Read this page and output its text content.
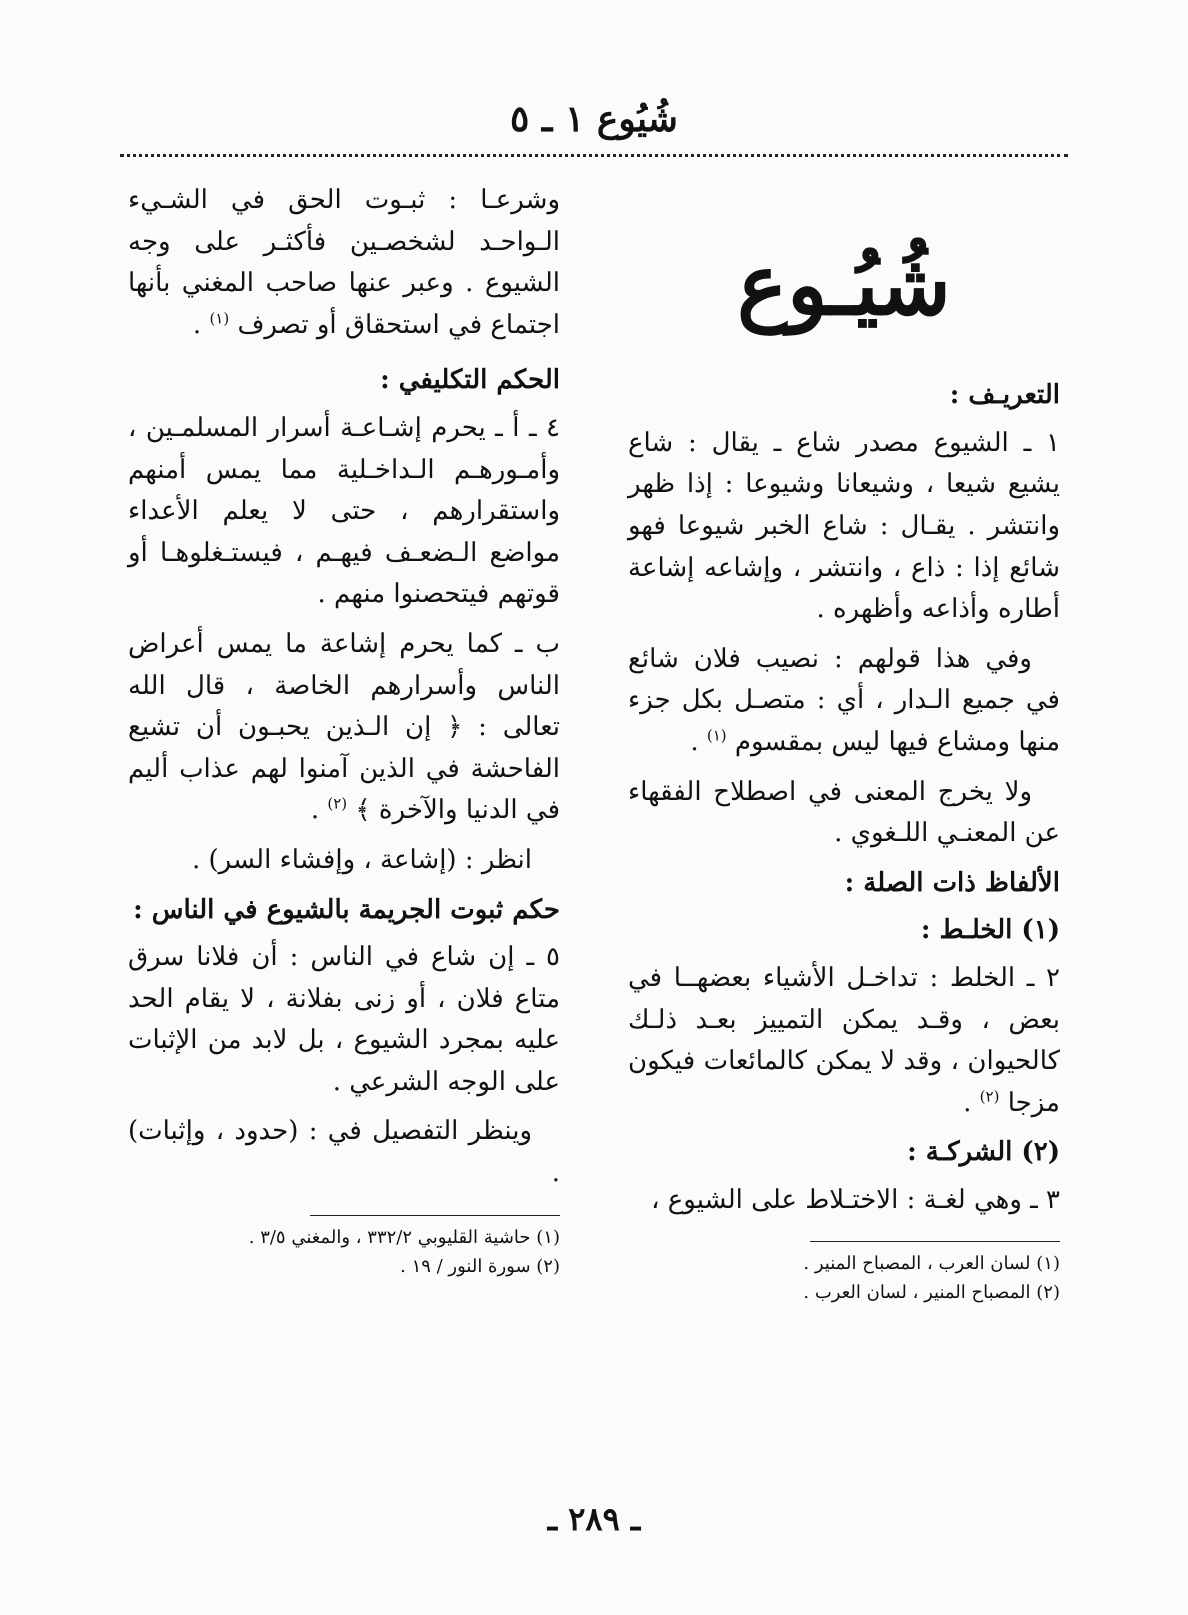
شُيُوع ١ ـ ٥
شُيُـوع

التعريـف :

١ ـ الشيوع مصدر شاع ـ يقال : شاع يشيع شيعا ، وشيعانا وشيوعا : إذا ظهر وانتشر . يقـال : شاع الخبر شيوعا فهو شائع إذا : ذاع ، وانتشر ، وإشاعه إشاعة أطاره وأذاعه وأظهره .

وفي هذا قولهم : نصيب فلان شائع في جميع الـدار ، أي : متصـل بكل جزء منها ومشاع فيها ليس بمقسوم $^{(١)}$ .

ولا يخرج المعنى في اصطلاح الفقهاء عن المعنـي اللـغوي .

الألفاظ ذات الصلة :

(١) الخلـط :

٢ ـ الخلط : تداخـل الأشياء بعضهــا في بعض ، وقـد يمكن التمييز بعـد ذلـك كالحيوان ، وقد لا يمكن كالمائعات فيكون مزجا $^{(٢)}$ .

(٢) الشركـة :

٣ ـ وهي لغـة : الاختـلاط على الشيوع ،

(١) لسان العرب ، المصباح المنير .

(٢) المصباح المنير ، لسان العرب .

وشرعـا : ثبـوت الحق في الشـيء الـواحـد لشخصـين فأكثـر على وجه الشيوع . وعبر عنها صاحب المغني بأنها اجتماع في استحقاق أو تصرف $^{(١)}$ .

الحكم التكليفي :

٤ ـ أ ـ يحرم إشـاعـة أسرار المسلمـين ، وأمـورهـم الـداخـلية مما يمس أمنهم واستقرارهم ، حتى لا يعلم الأعداء مواضع الـضعـف فيهـم ، فيستـغلوهـا أو قوتهم فيتحصنوا منهم .

ب ـ كما يحرم إشاعة ما يمس أعراض الناس وأسرارهم الخاصة ، قال الله تعالى : ﴿ إن الـذين يحبـون أن تشيع الفاحشة في الذين آمنوا لهم عذاب أليم في الدنيا والآخرة ﴾ $^{(٢)}$ .

انظر : (إشاعة ، وإفشاء السر) .

حكم ثبوت الجريمة بالشيوع في الناس :

٥ ـ إن شاع في الناس : أن فلانا سرق متاع فلان ، أو زنى بفلانة ، لا يقام الحد عليه بمجرد الشيوع ، بل لابد من الإثبات على الوجه الشرعي .

وينظر التفصيل في : (حدود ، وإثبات) .

(١) حاشية القليوبي ٣٣٢/٢ ، والمغني ٣/٥ .

(٢) سورة النور / ١٩ .

ـ ٢٨٩ ـ
